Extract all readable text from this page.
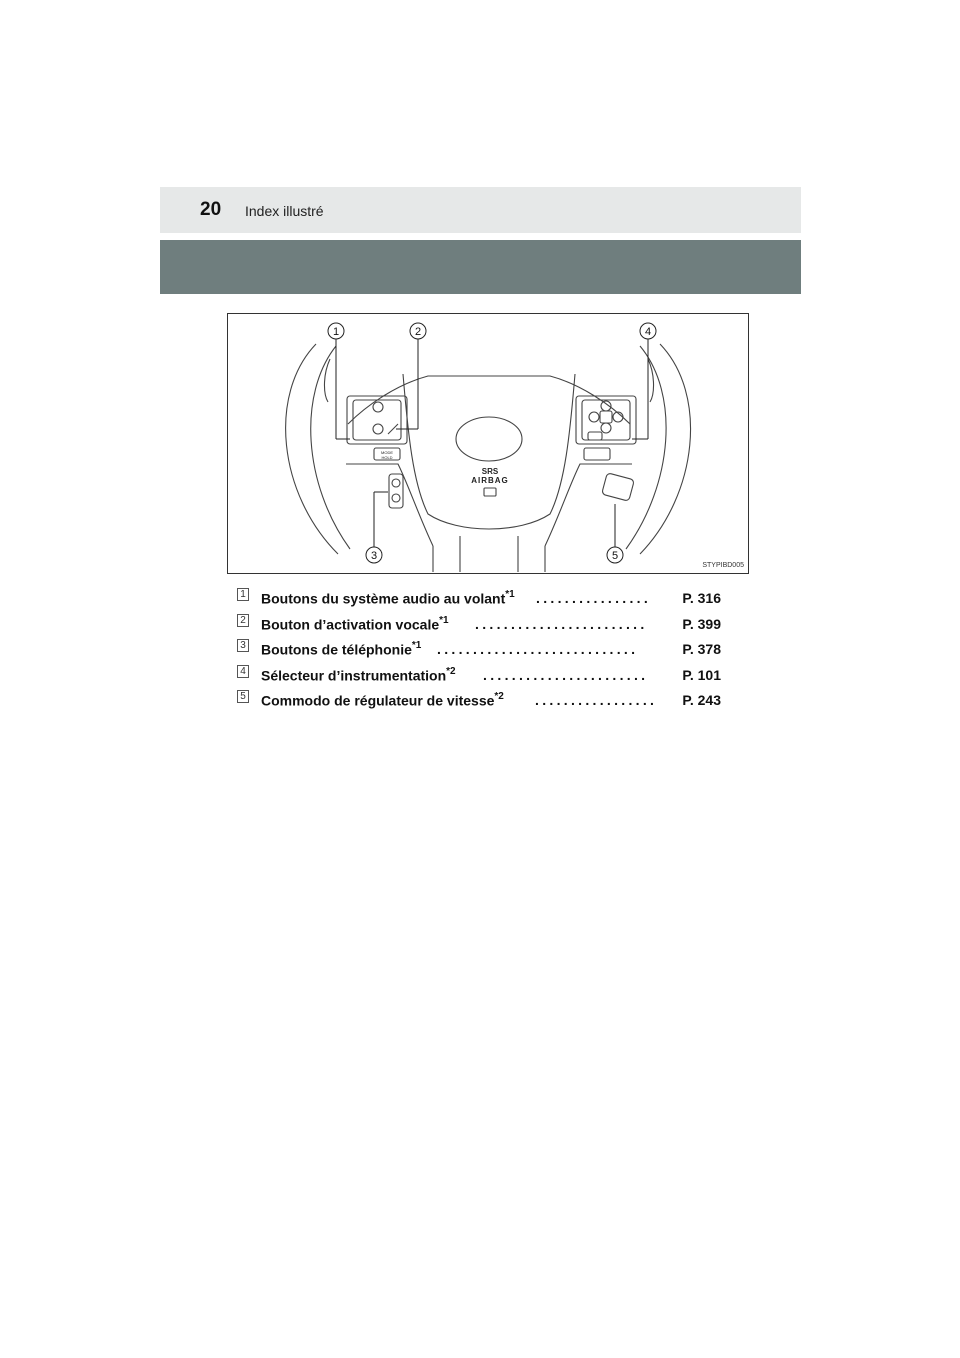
20 Index illustré
1	2
3
4
5
SRS
AIRBAG
MODE
HOLD
STYPIBD005
1 Boutons du système audio au volant$^{*1}$ ................	P. 316
2 Bouton d’activation vocale$^{*1}$ ........................	P. 399
3 Boutons de téléphonie$^{*1}$ ............................	P. 378
4 Sélecteur d’instrumentation$^{*2}$ .......................	P. 101
5 Commodo de régulateur de vitesse$^{*2}$ .................	P. 243
